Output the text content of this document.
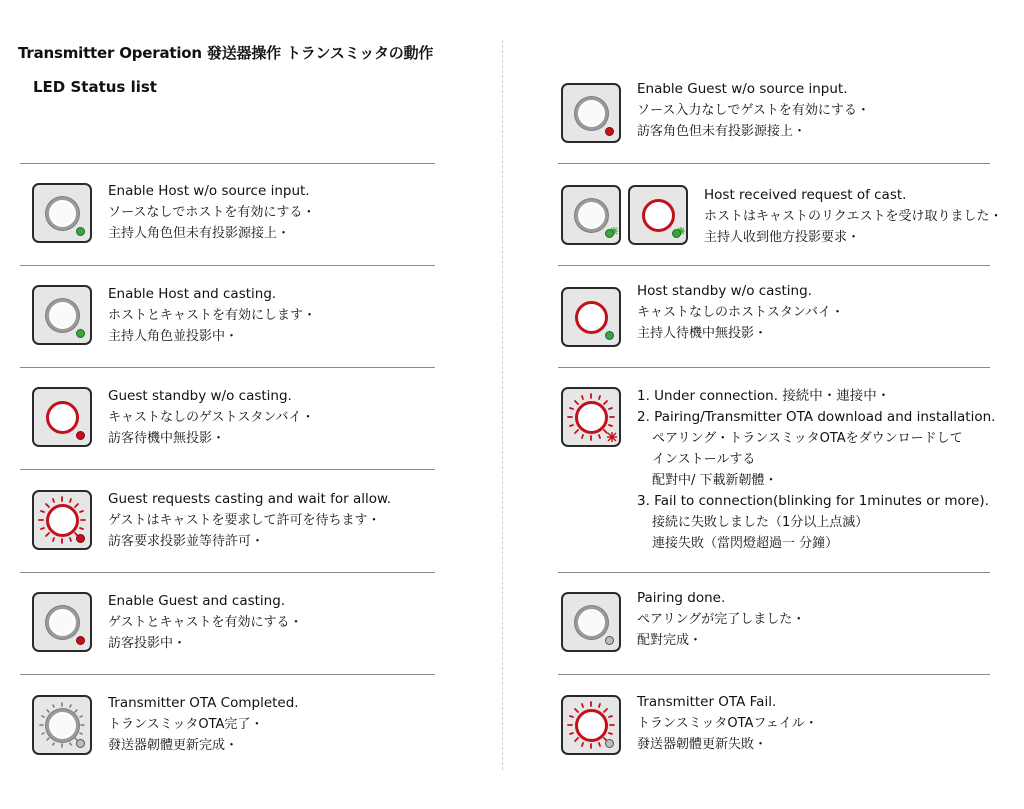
Transmitter Operation 發送器操作 トランスミッタの動作
LED Status list
Enable Host w/o source input.
ソースなしでホストを有効にする・
主持人角色但未有投影源接上・
Enable Host and casting.
ホストとキャストを有効にします・
主持人角色並投影中・
Guest standby w/o casting.
キャストなしのゲストスタンバイ・
訪客待機中無投影・
Guest requests casting and wait for allow.
ゲストはキャストを要求して許可を待ちます・
訪客要求投影並等待許可・
Enable Guest and casting.
ゲストとキャストを有効にする・
訪客投影中・
Transmitter OTA Completed.
トランスミッタOTA完了・
發送器韌體更新完成・
Enable Guest w/o source input.
ソース入力なしでゲストを有効にする・
訪客角色但未有投影源接上・
Host received request of cast.
ホストはキャストのリクエストを受け取りました・
主持人收到他方投影要求・
Host standby w/o casting.
キャストなしのホストスタンバイ・
主持人待機中無投影・
1. Under connection. 接続中・連接中・
2. Pairing/Transmitter OTA download and installation.
ペアリング・トランスミッタOTAをダウンロードして
インストールする
配對中/ 下載新韌體・
3. Fail to connection(blinking for 1minutes or more).
接続に失敗しました（1分以上点滅）
連接失敗（當閃燈超過一 分鐘）
Pairing done.
ペアリングが完了しました・
配對完成・
Transmitter OTA Fail.
トランスミッタOTAフェイル・
發送器韌體更新失敗・
